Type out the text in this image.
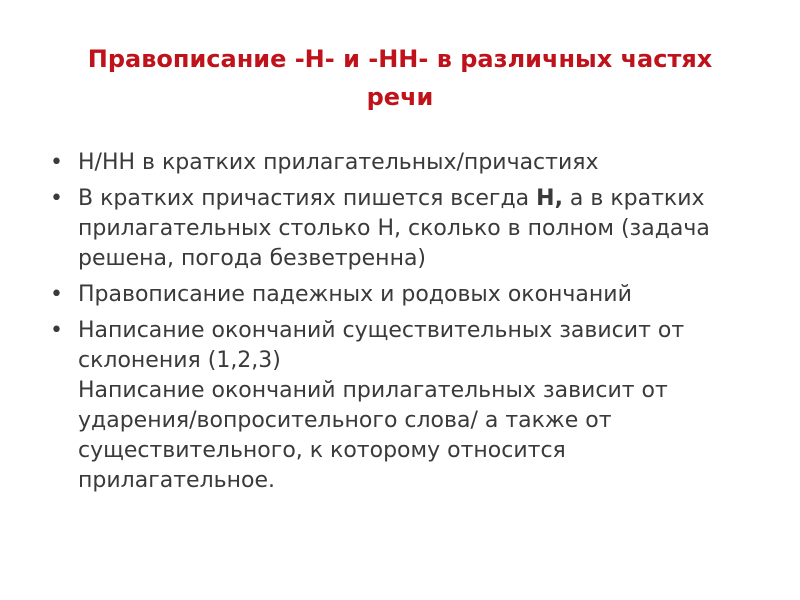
Правописание -Н- и -НН- в различных частях
речи
• Н/НН в кратких прилагательных/причастиях
• В кратких причастиях пишется всегда Н, а в кратких прилагательных столько Н, сколько в полном (задача решена, погода безветренна)
• Правописание падежных и родовых окончаний
• Написание окончаний существительных зависит от склонения (1,2,3)
Написание окончаний прилагательных зависит от ударения/вопросительного слова/ а также от существительного, к которому относится прилагательное.
